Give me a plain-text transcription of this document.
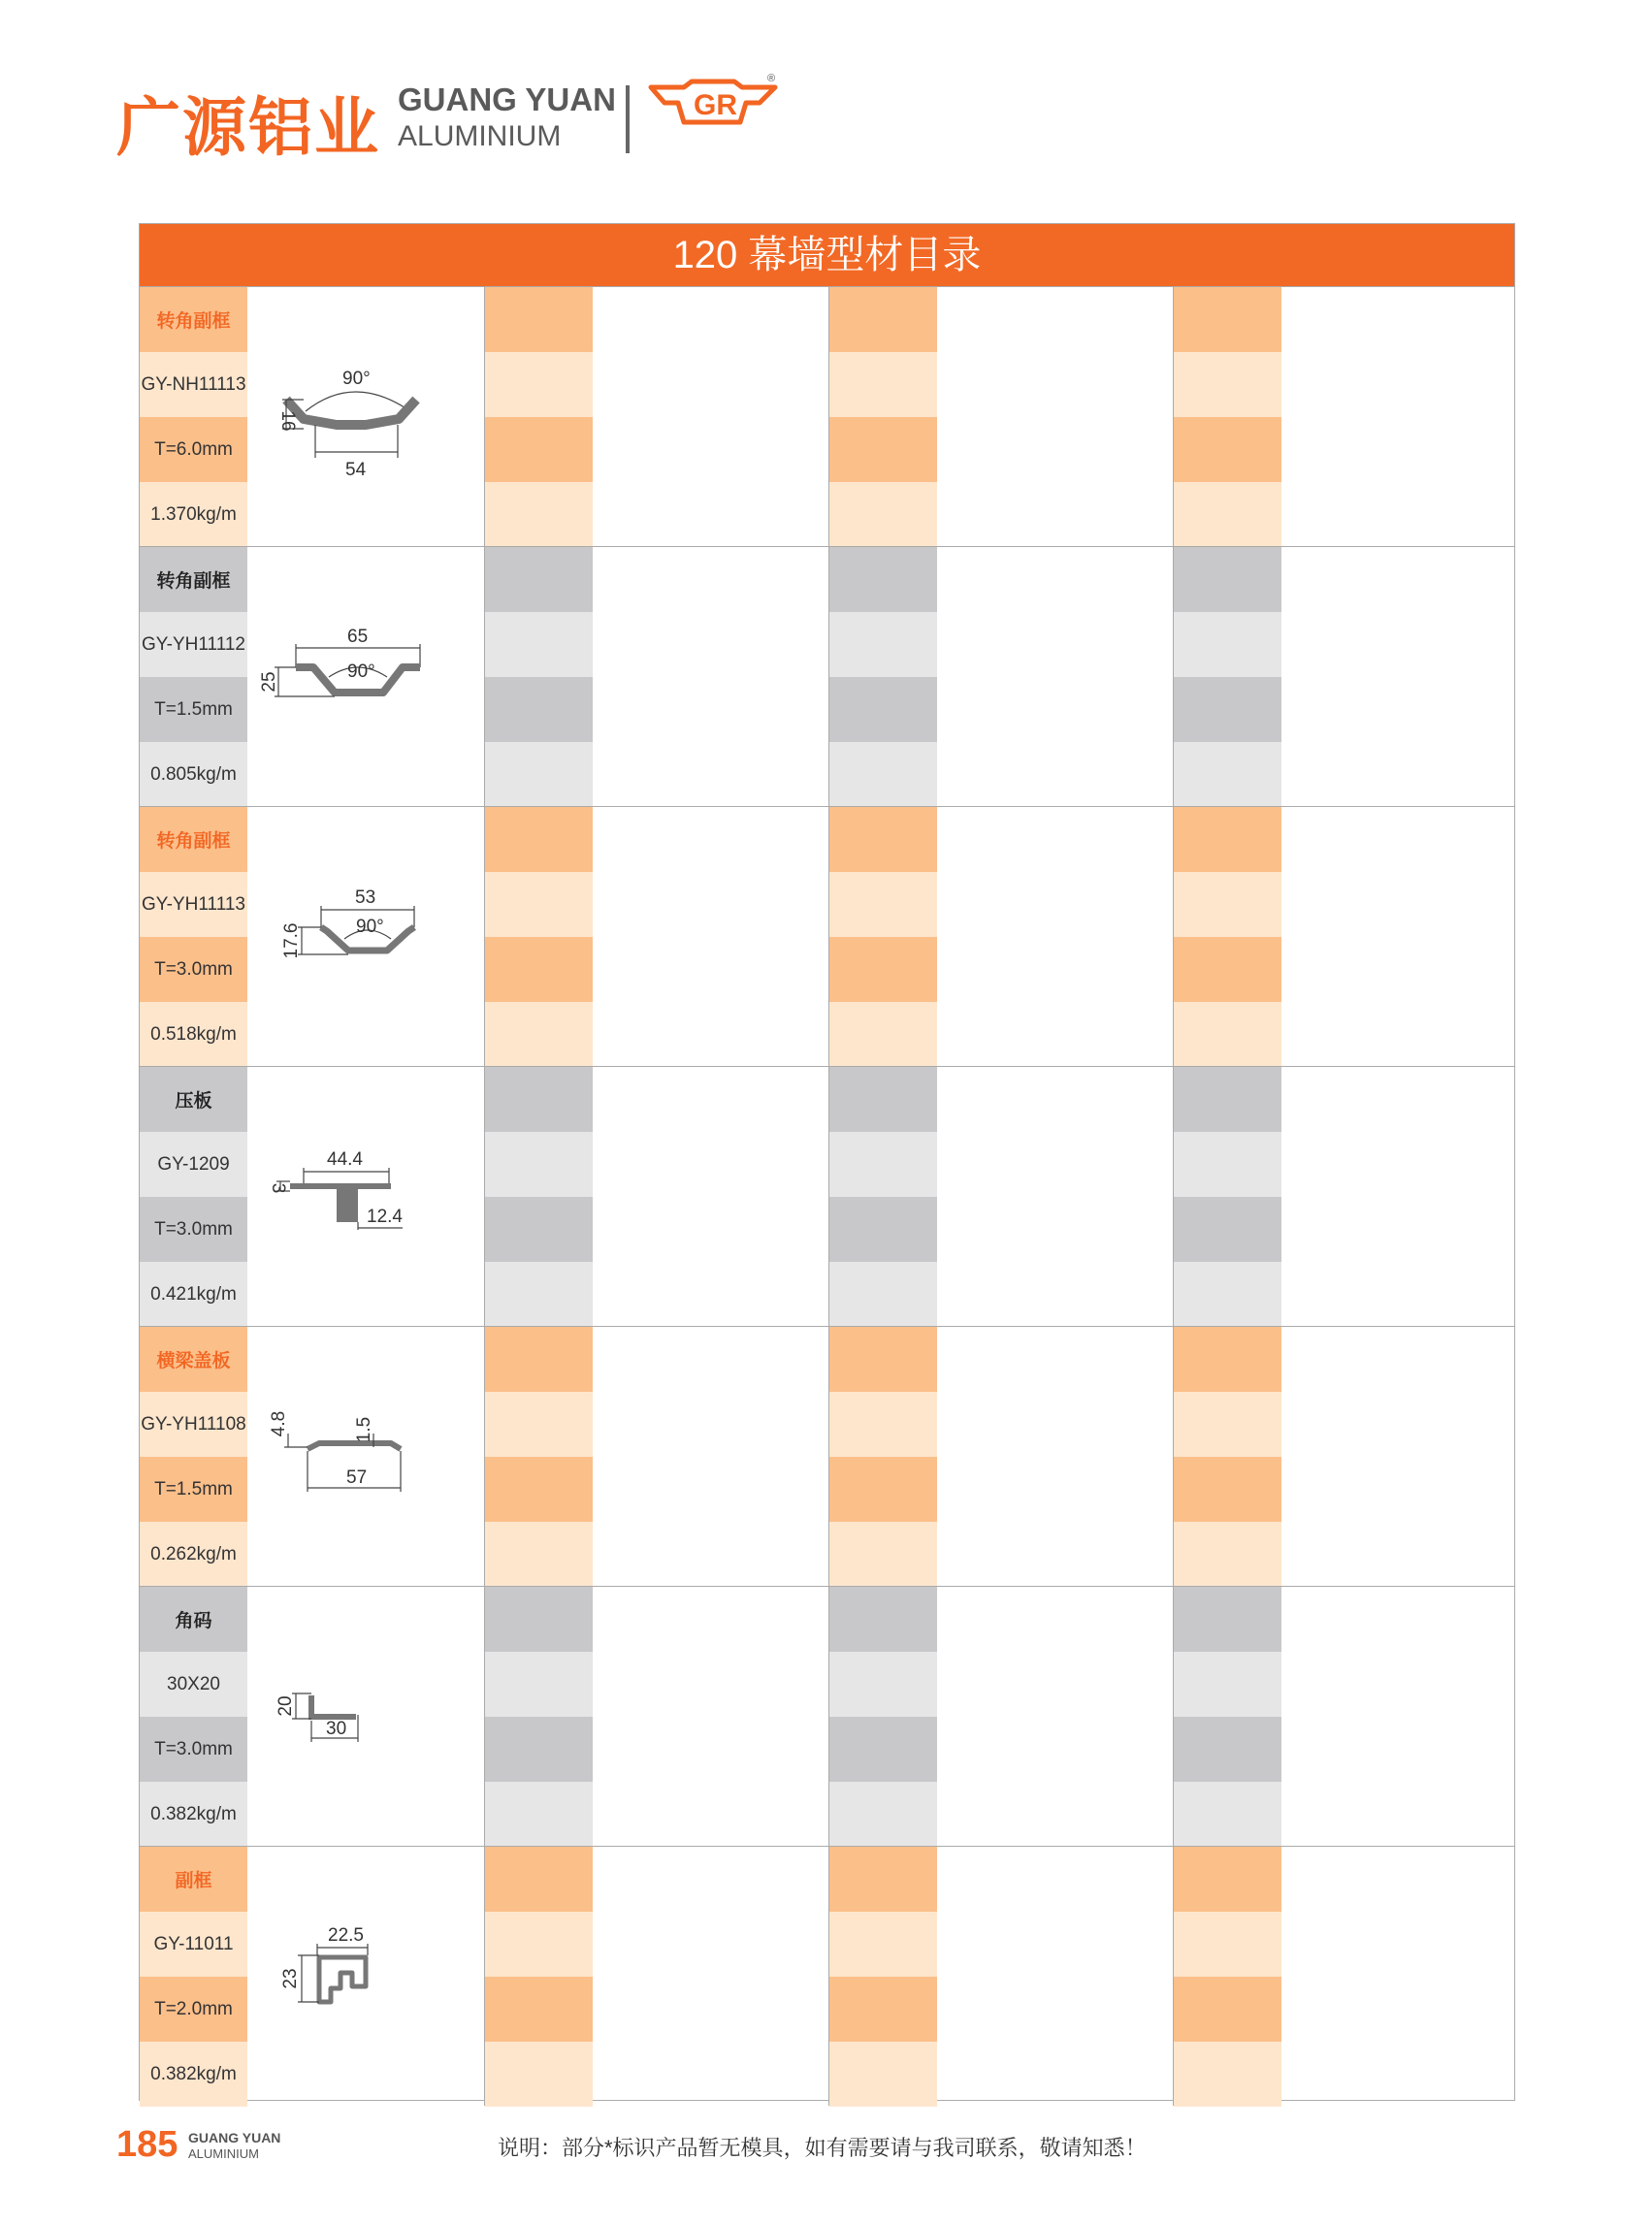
广源铝业 GUANG YUAN
ALUMINIUM
GR
®
120 幕墙型材目录
转角副框
GY-NH11113
T=6.0mm
1.370kg/m
90°
16
54
转角副框
GY-YH11112
T=1.5mm
0.805kg/m
65
90°
25
转角副框
GY-YH11113
T=3.0mm
0.518kg/m
53
90°
17.6
压板
GY-1209
T=3.0mm
0.421kg/m
44.4
3
12.4
横梁盖板
GY-YH11108
T=1.5mm
0.262kg/m
4.8	1.5
57
角码
30X20
T=3.0mm
0.382kg/m
20
30
副框
GY-11011
T=2.0mm
0.382kg/m
22.5
23
185 GUANG YUAN
ALUMINIUM	说明：部分*标识产品暂无模具，如有需要请与我司联系，敬请知悉！
